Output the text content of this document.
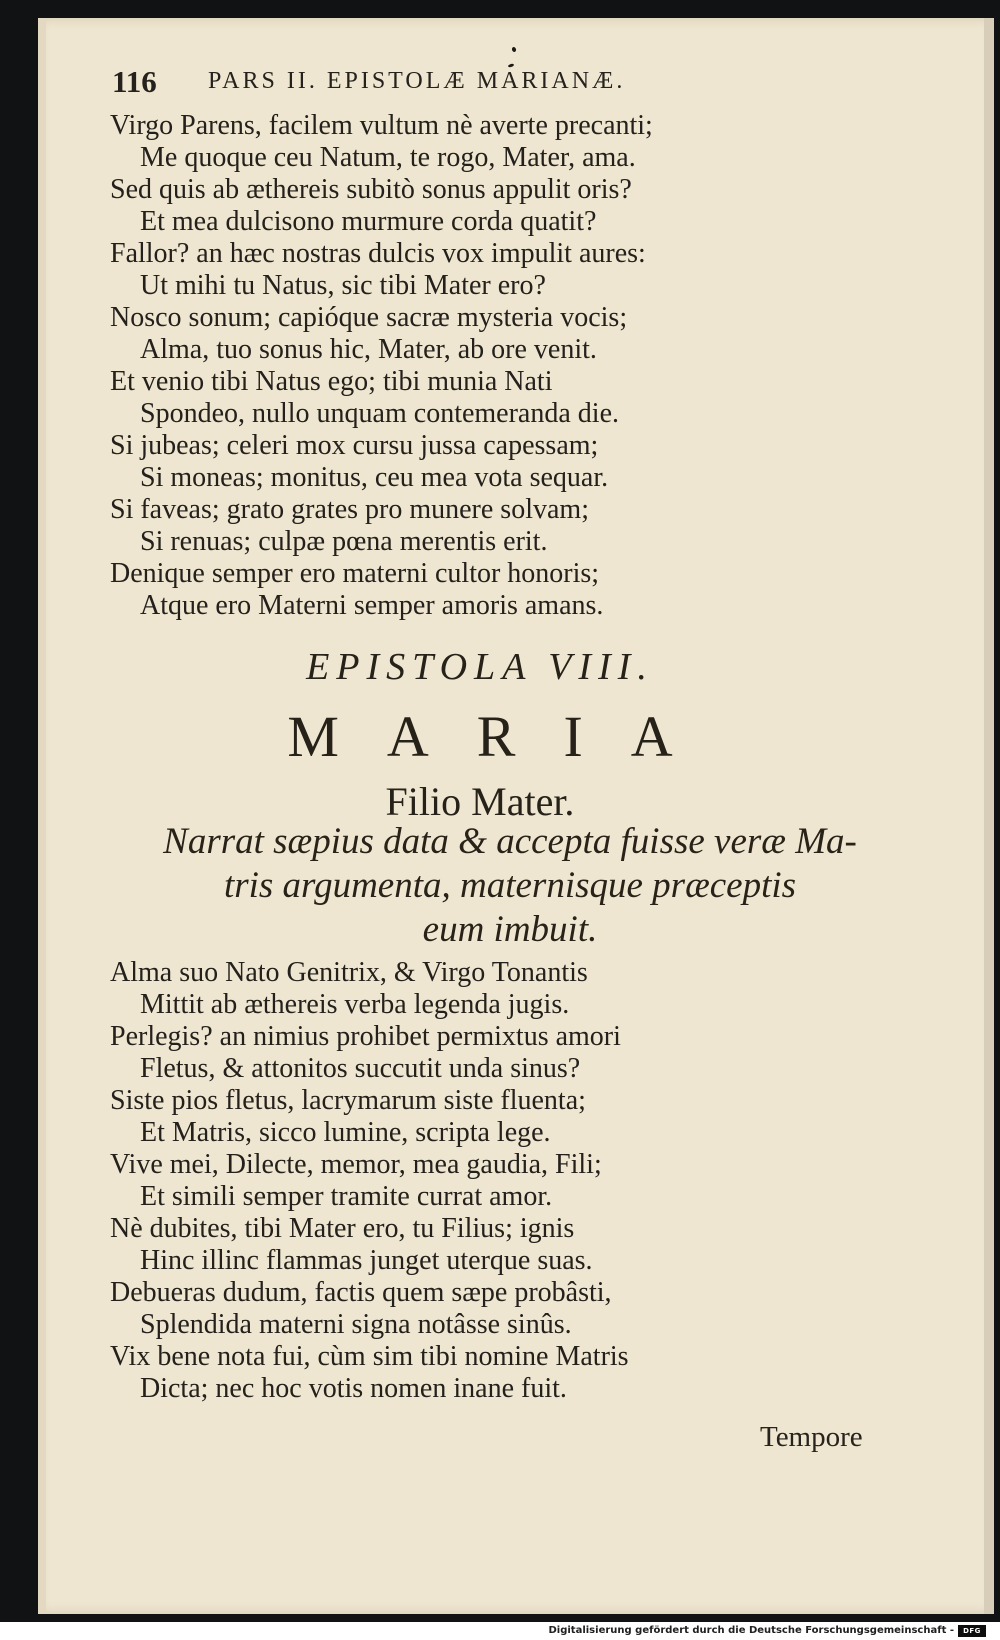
116 PARS II. EPISTOLÆ MARIANÆ.
Virgo Parens, facilem vultum nè averte precanti;
Me quoque ceu Natum, te rogo, Mater, ama.
Sed quis ab æthereis subitò sonus appulit oris?
Et mea dulcisono murmure corda quatit?
Fallor? an hæc nostras dulcis vox impulit aures:
Ut mihi tu Natus, sic tibi Mater ero?
Nosco sonum; capióque sacræ mysteria vocis;
Alma, tuo sonus hic, Mater, ab ore venit.
Et venio tibi Natus ego; tibi munia Nati
Spondeo, nullo unquam contemeranda die.
Si jubeas; celeri mox cursu jussa capessam;
Si moneas; monitus, ceu mea vota sequar.
Si faveas; grato grates pro munere solvam;
Si renuas; culpæ pœna merentis erit.
Denique semper ero materni cultor honoris;
Atque ero Materni semper amoris amans.
EPISTOLA VIII.
MARIA
Filio Mater.
Narrat sæpius data & accepta fuisse veræ Ma-
tris argumenta, maternisque præceptis
eum imbuit.
Alma suo Nato Genitrix, & Virgo Tonantis
Mittit ab æthereis verba legenda jugis.
Perlegis? an nimius prohibet permixtus amori
Fletus, & attonitos succutit unda sinus?
Siste pios fletus, lacrymarum siste fluenta;
Et Matris, sicco lumine, scripta lege.
Vive mei, Dilecte, memor, mea gaudia, Fili;
Et simili semper tramite currat amor.
Nè dubites, tibi Mater ero, tu Filius; ignis
Hinc illinc flammas junget uterque suas.
Debueras dudum, factis quem sæpe probâsti,
Splendida materni signa notâsse sinûs.
Vix bene nota fui, cùm sim tibi nomine Matris
Dicta; nec hoc votis nomen inane fuit.
Tempore
Digitalisierung gefördert durch die Deutsche Forschungsgemeinschaft -	DFG
